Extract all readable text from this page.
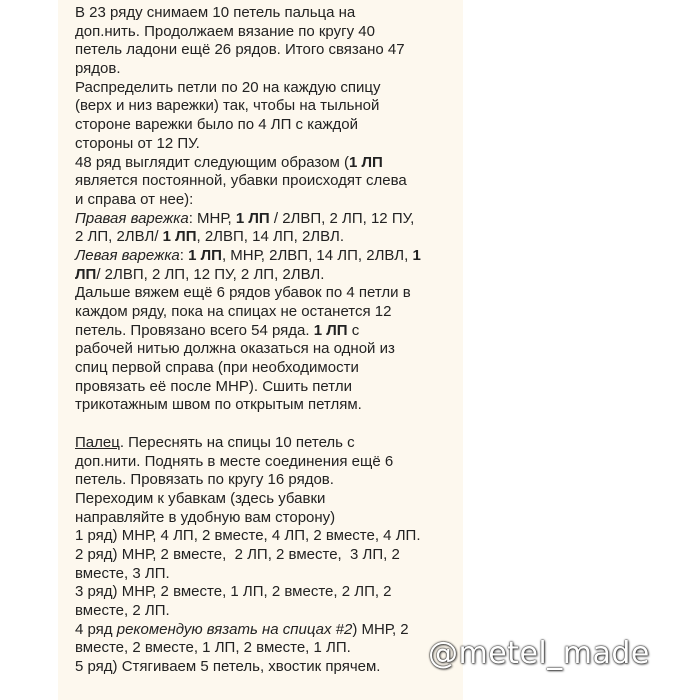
В 23 ряду снимаем 10 петель пальца на
доп.нить. Продолжаем вязание по кругу 40
петель ладони ещё 26 рядов. Итого связано 47
рядов.
Распределить петли по 20 на каждую спицу
(верх и низ варежки) так, чтобы на тыльной
стороне варежки было по 4 ЛП с каждой
стороны от 12 ПУ.
48 ряд выглядит следующим образом (1 ЛП
является постоянной, убавки происходят слева
и справа от нее):
Правая варежка: МНР, 1 ЛП / 2ЛВП, 2 ЛП, 12 ПУ,
2 ЛП, 2ЛВЛ/ 1 ЛП, 2ЛВП, 14 ЛП, 2ЛВЛ.
Левая варежка: 1 ЛП, МНР, 2ЛВП, 14 ЛП, 2ЛВЛ, 1
ЛП/ 2ЛВП, 2 ЛП, 12 ПУ, 2 ЛП, 2ЛВЛ.
Дальше вяжем ещё 6 рядов убавок по 4 петли в
каждом ряду, пока на спицах не останется 12
петель. Провязано всего 54 ряда. 1 ЛП с
рабочей нитью должна оказаться на одной из
спиц первой справа (при необходимости
провязать её после МНР). Сшить петли
трикотажным швом по открытым петлям.
Палец. Переснять на спицы 10 петель с
доп.нити. Поднять в месте соединения ещё 6
петель. Провязать по кругу 16 рядов.
Переходим к убавкам (здесь убавки
направляйте в удобную вам сторону)
1 ряд) МНР, 4 ЛП, 2 вместе, 4 ЛП, 2 вместе, 4 ЛП.
2 ряд) МНР, 2 вместе,  2 ЛП, 2 вместе,  3 ЛП, 2
вместе, 3 ЛП.
3 ряд) МНР, 2 вместе, 1 ЛП, 2 вместе, 2 ЛП, 2
вместе, 2 ЛП.
4 ряд рекомендую вязать на спицах #2) МНР, 2
вместе, 2 вместе, 1 ЛП, 2 вместе, 1 ЛП.
5 ряд) Стягиваем 5 петель, хвостик прячем.	@metel_made
